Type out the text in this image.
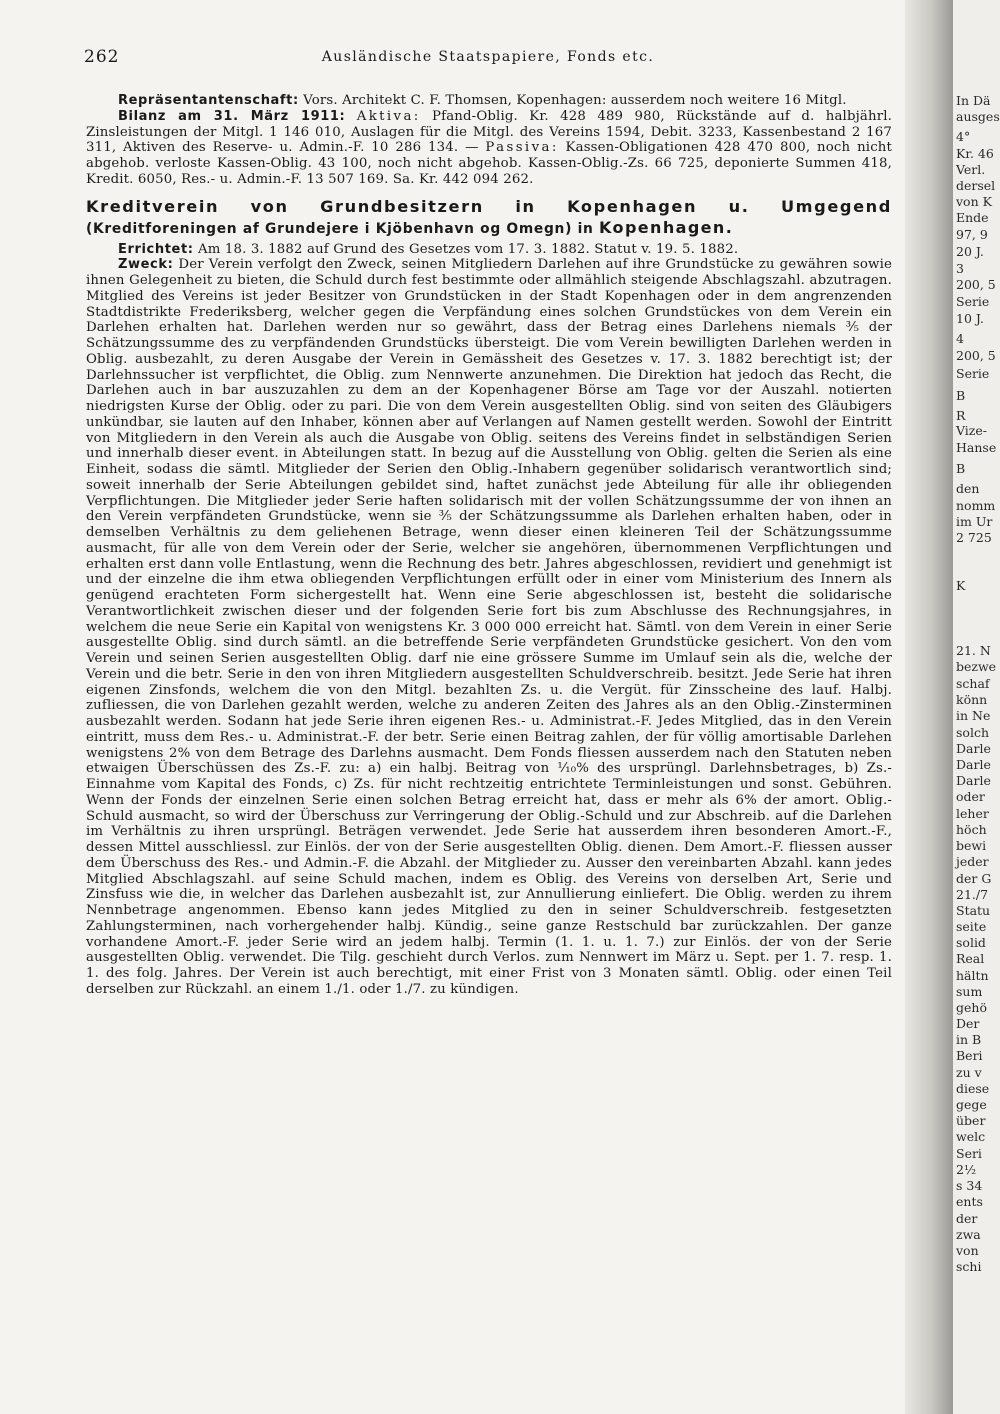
262	Ausländische Staatspapiere, Fonds etc.

Repräsentantenschaft: Vors. Architekt C. F. Thomsen, Kopenhagen: ausserdem noch weitere 16 Mitgl.

Bilanz am 31. März 1911: Aktiva: Pfand-Oblig. Kr. 428 489 980, Rückstände auf d. halbjährl. Zinsleistungen der Mitgl. 1 146 010, Auslagen für die Mitgl. des Vereins 1594, Debit. 3233, Kassenbestand 2 167 311, Aktiven des Reserve- u. Admin.-F. 10 286 134. — Passiva: Kassen-Obligationen 428 470 800, noch nicht abgehob. verloste Kassen-Oblig. 43 100, noch nicht abgehob. Kassen-Oblig.-Zs. 66 725, deponierte Summen 418, Kredit. 6050, Res.- u. Admin.-F. 13 507 169. Sa. Kr. 442 094 262.

Kreditverein von Grundbesitzern in Kopenhagen u. Umgegend (Kreditforeningen af Grundejere i Kjöbenhavn og Omegn) in Kopenhagen.

Errichtet: Am 18. 3. 1882 auf Grund des Gesetzes vom 17. 3. 1882. Statut v. 19. 5. 1882.

Zweck: Der Verein verfolgt den Zweck, seinen Mitgliedern Darlehen auf ihre Grundstücke zu gewähren sowie ihnen Gelegenheit zu bieten, die Schuld durch fest bestimmte oder allmählich steigende Abschlagszahl. abzutragen. Mitglied des Vereins ist jeder Besitzer von Grundstücken in der Stadt Kopenhagen oder in dem angrenzenden Stadtdistrikte Frederiksberg, welcher gegen die Verpfändung eines solchen Grundstückes von dem Verein ein Darlehen erhalten hat. Darlehen werden nur so gewährt, dass der Betrag eines Darlehens niemals ³⁄₅ der Schätzungssumme des zu verpfändenden Grundstücks übersteigt. Die vom Verein bewilligten Darlehen werden in Oblig. ausbezahlt, zu deren Ausgabe der Verein in Gemässheit des Gesetzes v. 17. 3. 1882 berechtigt ist; der Darlehnssucher ist verpflichtet, die Oblig. zum Nennwerte anzunehmen. Die Direktion hat jedoch das Recht, die Darlehen auch in bar auszuzahlen zu dem an der Kopenhagener Börse am Tage vor der Auszahl. notierten niedrigsten Kurse der Oblig. oder zu pari. Die von dem Verein ausgestellten Oblig. sind von seiten des Gläubigers unkündbar, sie lauten auf den Inhaber, können aber auf Verlangen auf Namen gestellt werden. Sowohl der Eintritt von Mitgliedern in den Verein als auch die Ausgabe von Oblig. seitens des Vereins findet in selbständigen Serien und innerhalb dieser event. in Abteilungen statt. In bezug auf die Ausstellung von Oblig. gelten die Serien als eine Einheit, sodass die sämtl. Mitglieder der Serien den Oblig.-Inhabern gegenüber solidarisch verantwortlich sind; soweit innerhalb der Serie Abteilungen gebildet sind, haftet zunächst jede Abteilung für alle ihr obliegenden Verpflichtungen. Die Mitglieder jeder Serie haften solidarisch mit der vollen Schätzungssumme der von ihnen an den Verein verpfändeten Grundstücke, wenn sie ³⁄₅ der Schätzungssumme als Darlehen erhalten haben, oder in demselben Verhältnis zu dem geliehenen Betrage, wenn dieser einen kleineren Teil der Schätzungssumme ausmacht, für alle von dem Verein oder der Serie, welcher sie angehören, übernommenen Verpflichtungen und erhalten erst dann volle Entlastung, wenn die Rechnung des betr. Jahres abgeschlossen, revidiert und genehmigt ist und der einzelne die ihm etwa obliegenden Verpflichtungen erfüllt oder in einer vom Ministerium des Innern als genügend erachteten Form sichergestellt hat. Wenn eine Serie abgeschlossen ist, besteht die solidarische Verantwortlichkeit zwischen dieser und der folgenden Serie fort bis zum Abschlusse des Rechnungsjahres, in welchem die neue Serie ein Kapital von wenigstens Kr. 3 000 000 erreicht hat. Sämtl. von dem Verein in einer Serie ausgestellte Oblig. sind durch sämtl. an die betreffende Serie verpfändeten Grundstücke gesichert. Von den vom Verein und seinen Serien ausgestellten Oblig. darf nie eine grössere Summe im Umlauf sein als die, welche der Verein und die betr. Serie in den von ihren Mitgliedern ausgestellten Schuldverschreib. besitzt. Jede Serie hat ihren eigenen Zinsfonds, welchem die von den Mitgl. bezahlten Zs. u. die Vergüt. für Zinsscheine des lauf. Halbj. zufliessen, die von Darlehen gezahlt werden, welche zu anderen Zeiten des Jahres als an den Oblig.-Zinsterminen ausbezahlt werden. Sodann hat jede Serie ihren eigenen Res.- u. Administrat.-F. Jedes Mitglied, das in den Verein eintritt, muss dem Res.- u. Administrat.-F. der betr. Serie einen Beitrag zahlen, der für völlig amortisable Darlehen wenigstens 2% von dem Betrage des Darlehns ausmacht. Dem Fonds fliessen ausserdem nach den Statuten neben etwaigen Überschüssen des Zs.-F. zu: a) ein halbj. Beitrag von ¹⁄₁₀% des ursprüngl. Darlehnsbetrages, b) Zs.-Einnahme vom Kapital des Fonds, c) Zs. für nicht rechtzeitig entrichtete Terminleistungen und sonst. Gebühren. Wenn der Fonds der einzelnen Serie einen solchen Betrag erreicht hat, dass er mehr als 6% der amort. Oblig.-Schuld ausmacht, so wird der Überschuss zur Verringerung der Oblig.-Schuld und zur Abschreib. auf die Darlehen im Verhältnis zu ihren ursprüngl. Beträgen verwendet. Jede Serie hat ausserdem ihren besonderen Amort.-F., dessen Mittel ausschliessl. zur Einlös. der von der Serie ausgestellten Oblig. dienen. Dem Amort.-F. fliessen ausser dem Überschuss des Res.- und Admin.-F. die Abzahl. der Mitglieder zu. Ausser den vereinbarten Abzahl. kann jedes Mitglied Abschlagszahl. auf seine Schuld machen, indem es Oblig. des Vereins von derselben Art, Serie und Zinsfuss wie die, in welcher das Darlehen ausbezahlt ist, zur Annullierung einliefert. Die Oblig. werden zu ihrem Nennbetrage angenommen. Ebenso kann jedes Mitglied zu den in seiner Schuldverschreib. festgesetzten Zahlungsterminen, nach vorhergehender halbj. Kündig., seine ganze Restschuld bar zurückzahlen. Der ganze vorhandene Amort.-F. jeder Serie wird an jedem halbj. Termin (1. 1. u. 1. 7.) zur Einlös. der von der Serie ausgestellten Oblig. verwendet. Die Tilg. geschieht durch Verlos. zum Nennwert im März u. Sept. per 1. 7. resp. 1. 1. des folg. Jahres. Der Verein ist auch berechtigt, mit einer Frist von 3 Monaten sämtl. Oblig. oder einen Teil derselben zur Rückzahl. an einem 1./1. oder 1./7. zu kündigen.

In Dä
ausges
4°
Kr. 46
Verl.
dersel
von K
Ende
97, 9
20 J.
3
200, 5
Serie
10 J.
4
200, 5
Serie
B
R
Vize-
Hanse
B
den
nomm
im Ur
2 725
K
21. N
bezwe
schaf
könn
in Ne
solch
Darle
Darle
Darle
oder
leher
höch
bewi
jeder
der G
21./7
Statu
seite
solid
Real
hältn
sum
gehö
Der
in B
Beri
zu v
diese
gege
über
welc
Seri
2½
s 34
ents
der
zwa
von
schi
